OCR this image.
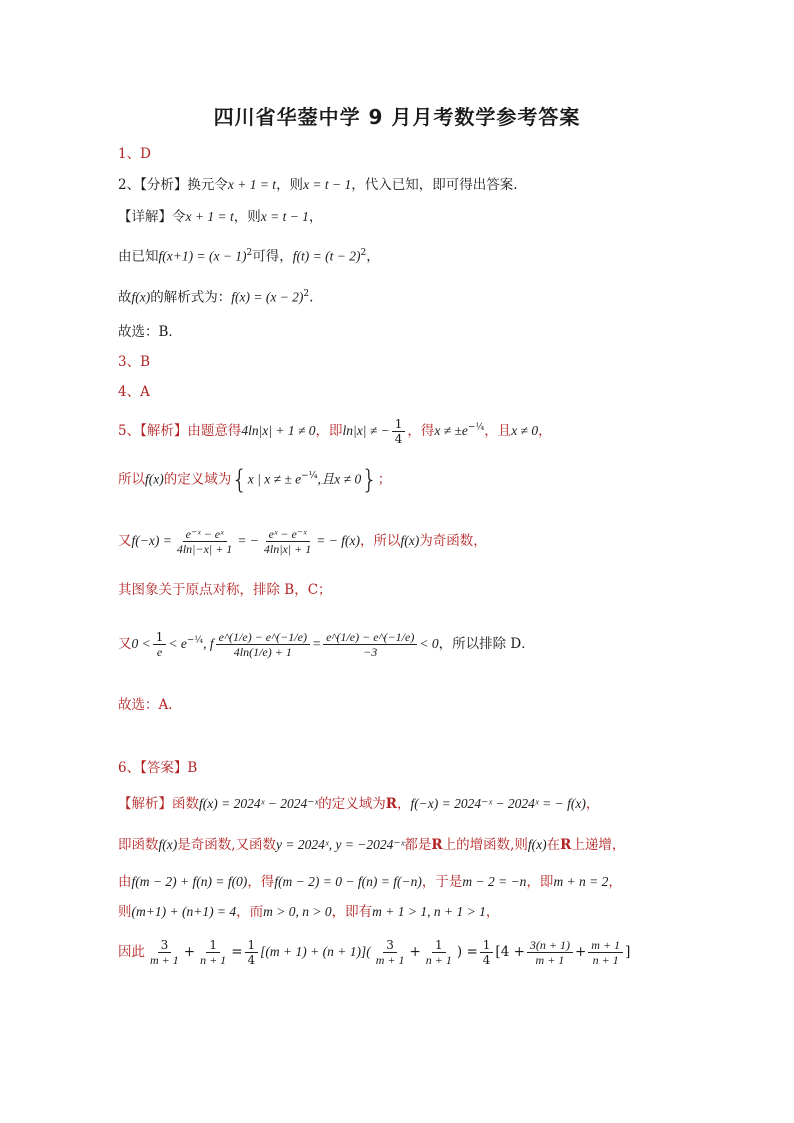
四川省华蓥中学 9 月月考数学参考答案
1、D
2、【分析】换元令x + 1 = t，则x = t − 1，代入已知，即可得出答案.
【详解】令x + 1 = t，则x = t − 1，
由已知$f(x+1) = (x - 1)^2$可得，$f(t) = (t - 2)^2$，
故f(x)的解析式为：$f(x) = (x - 2)^2$.
故选：B．
3、B
4、A
5、【解析】由题意得4ln|x| + 1 ≠ 0，即ln|x| ≠ − $\frac{1}{4}$ ，得$x \ne \pm e^{-\frac{1}{4}}$，且x ≠ 0，
所以f(x)的定义域为{x | x ≠ ± $e^{-\frac{1}{4}}$,且x ≠ 0}；
又$f(-x) = \frac{\text{e⁻ˣ − eˣ}}{4\ln|-x| + 1}$ = − $\frac{\text{eˣ − e⁻ˣ}}{4\ln|x| + 1}$ = − f(x)，所以f(x)为奇函数，
其图象关于原点对称，排除 B，C；
又$0 < \frac{1}{e} < e^{-\frac{1}{4}}$, f $\frac{e\^{}(1/e) - e\^{}(-1/e)}{4\ln(1/e) + 1} = \frac{e\^{}(1/e) - e\^{}(-1/e)}{-3} < 0$，所以排除 D．
故选：A．
6、【答案】B
【解析】函数f(x) = 2024ˣ − 2024⁻ˣ的定义域为R，f(−x) = 2024⁻ˣ − 2024ˣ = − f(x)，
即函数f(x)是奇函数,又函数y = 2024ˣ, y = −2024⁻ˣ都是R上的增函数,则f(x)在R上递增，
由f(m − 2) + f(n) = f(0)，得f(m − 2) = 0 − f(n) = f(−n)，于是m − 2 = −n，即m + n = 2，
则(m+1) + (n+1) = 4，而m > 0, n > 0，即有m + 1 > 1, n + 1 > 1，
因此 $\frac{3}{m + 1} + \frac{1}{n + 1} = \frac{1}{4} [(m + 1) + (n + 1)]( \frac{3}{m + 1} + \frac{1}{n + 1}$ ) = $\frac{1}{4} [4 + \frac{3(n + 1)}{m + 1} + \frac{m + 1}{n + 1}$ ]
